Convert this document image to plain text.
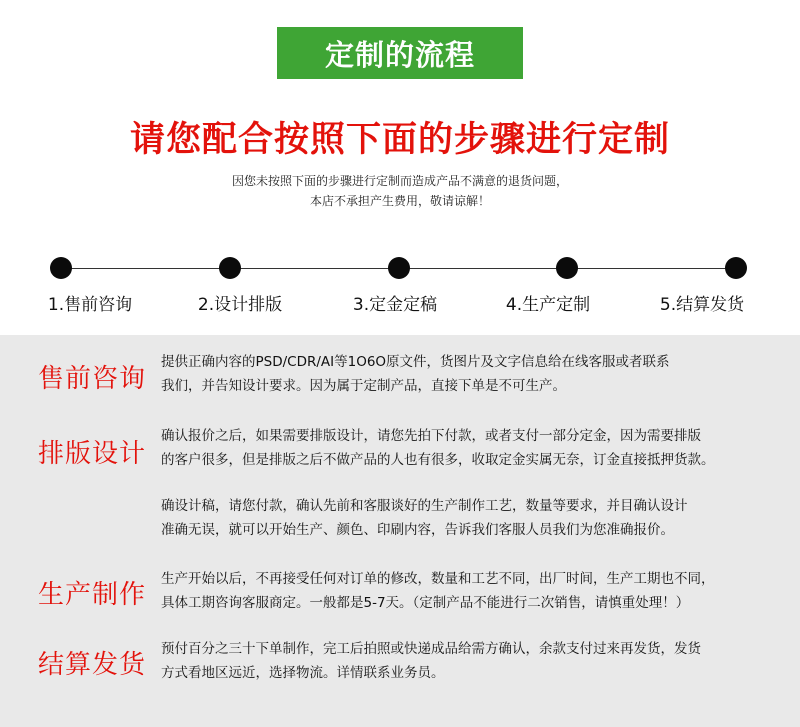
定制的流程
请您配合按照下面的步骤进行定制
因您未按照下面的步骤进行定制而造成产品不满意的退货问题，
本店不承担产生费用，敬请谅解！
1.售前咨询	2.设计排版	3.定金定稿	4.生产定制	5.结算发货
售前咨询
提供正确内容的PSD/CDR/AI等1O6O原文件，货图片及文字信息给在线客服或者联系
我们，并告知设计要求。因为属于定制产品，直接下单是不可生产。
排版设计
确认报价之后，如果需要排版设计，请您先拍下付款，或者支付一部分定金，因为需要排版
的客户很多，但是排版之后不做产品的人也有很多，收取定金实属无奈，订金直接抵押货款。
确设计稿，请您付款，确认先前和客服谈好的生产制作工艺，数量等要求，并目确认设计
准确无误，就可以开始生产、颜色、印刷内容，告诉我们客服人员我们为您准确报价。
生产制作
生产开始以后，不再接受任何对订单的修改，数量和工艺不同，出厂时间，生产工期也不同，
具体工期咨询客服商定。一般都是5-7天。（定制产品不能进行二次销售，请慎重处理！）
结算发货
预付百分之三十下单制作，完工后拍照或快递成品给需方确认，余款支付过来再发货，发货
方式看地区远近，选择物流。详情联系业务员。
